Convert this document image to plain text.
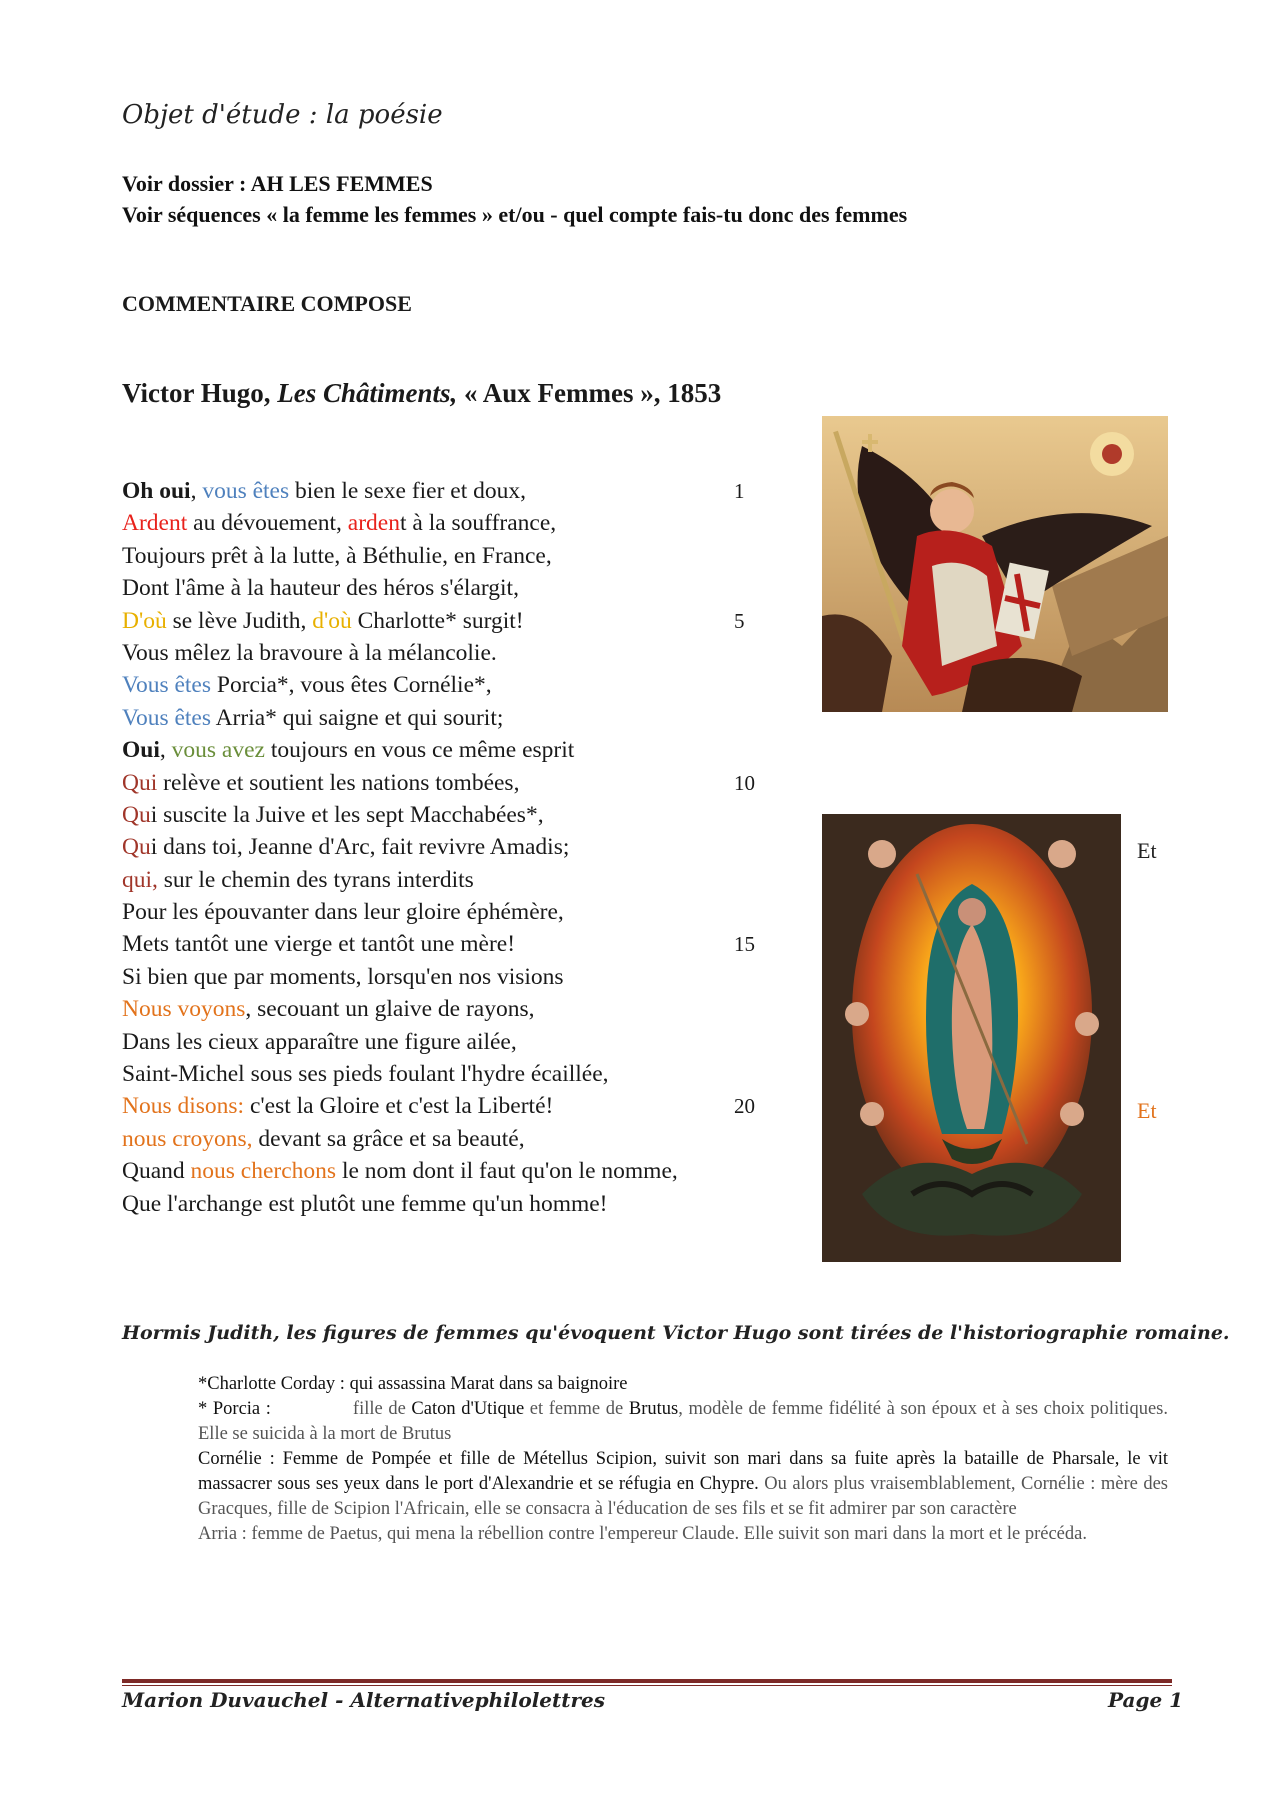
Objet d'étude : la poésie
Voir dossier : AH LES FEMMES
Voir séquences « la femme les femmes » et/ou - quel compte fais-tu donc des femmes
COMMENTAIRE COMPOSE
Victor Hugo, Les Châtiments, « Aux Femmes », 1853
Oh oui, vous êtes bien le sexe fier et doux,	1
Ardent au dévouement, ardent à la souffrance,
Toujours prêt à la lutte, à Béthulie, en France,
Dont l'âme à la hauteur des héros s'élargit,
D'où se lève Judith, d'où Charlotte* surgit!	5
Vous mêlez la bravoure à la mélancolie.
Vous êtes Porcia*, vous êtes Cornélie*,
Vous êtes Arria* qui saigne et qui sourit;
Oui, vous avez toujours en vous ce même esprit
Qui relève et soutient les nations tombées,	10
Qui suscite la Juive et les sept Macchabées*,
Qui dans toi, Jeanne d'Arc, fait revivre Amadis;
qui, sur le chemin des tyrans interdits
Pour les épouvanter dans leur gloire éphémère,
Mets tantôt une vierge et tantôt une mère!	15
Si bien que par moments, lorsqu'en nos visions
Nous voyons, secouant un glaive de rayons,
Dans les cieux apparaître une figure ailée,
Saint-Michel sous ses pieds foulant l'hydre écaillée,
Nous disons: c'est la Gloire et c'est la Liberté!	20
nous croyons, devant sa grâce et sa beauté,
Quand nous cherchons le nom dont il faut qu'on le nomme,
Que l'archange est plutôt une femme qu'un homme!
Et
Et
Hormis Judith, les figures de femmes qu'évoquent Victor Hugo sont tirées de l'historiographie romaine.

*Charlotte Corday : qui assassina Marat dans sa baignoire

* Porcia :	fille de Caton d'Utique et femme de Brutus, modèle de femme fidélité à son époux et à ses choix politiques. Elle se suicida à la mort de Brutus

Cornélie : Femme de Pompée et fille de Métellus Scipion, suivit son mari dans sa fuite après la bataille de Pharsale, le vit massacrer sous ses yeux dans le port d'Alexandrie et se réfugia en Chypre. Ou alors plus vraisemblablement, Cornélie : mère des Gracques, fille de Scipion l'Africain, elle se consacra à l'éducation de ses fils et se fit admirer par son caractère

Arria : femme de Paetus, qui mena la rébellion contre l'empereur Claude. Elle suivit son mari dans la mort et le précéda.

Marion Duvauchel - Alternativephilolettres	Page 1
